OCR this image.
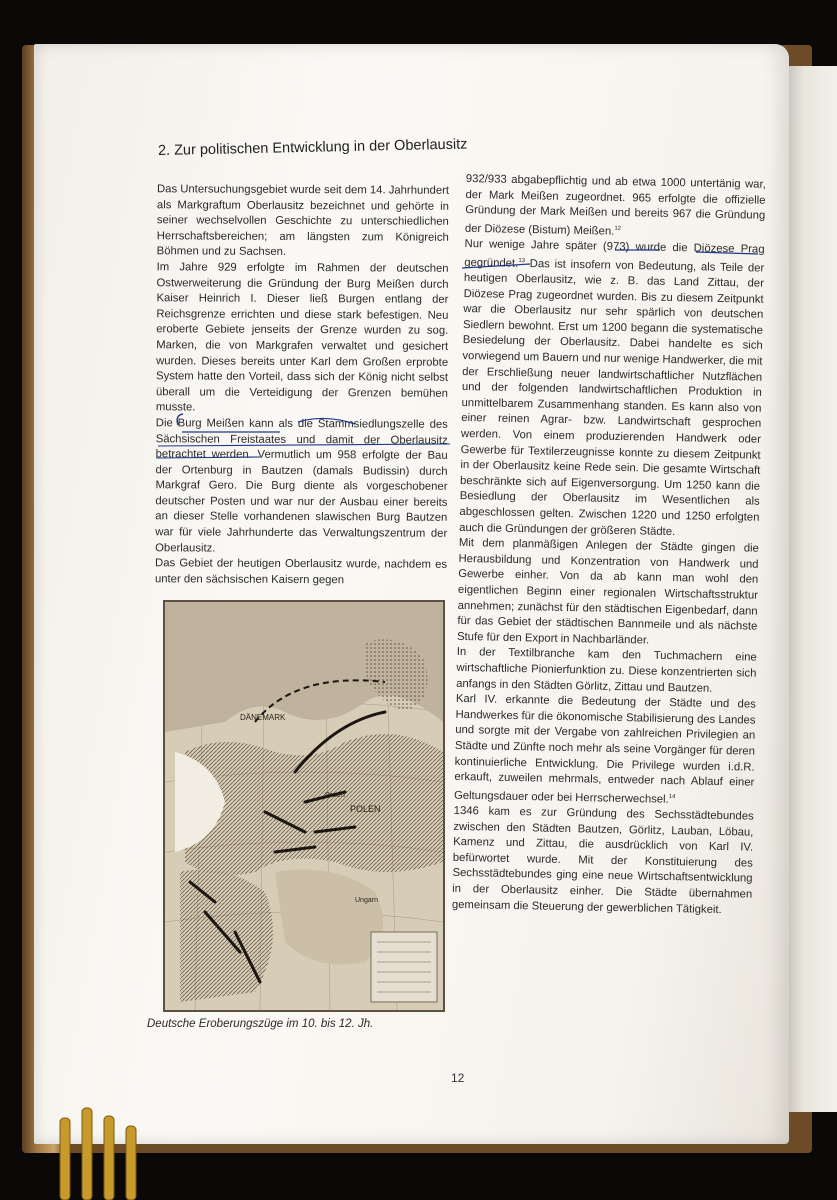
2. Zur politischen Entwicklung in der Oberlausitz

Das Untersuchungsgebiet wurde seit dem 14. Jahrhundert als Markgraftum Oberlausitz bezeichnet und gehörte in seiner wechselvollen Geschichte zu unterschiedlichen Herrschaftsbereichen; am längsten zum Königreich Böhmen und zu Sachsen.

Im Jahre 929 erfolgte im Rahmen der deutschen Ostwerweiterung die Gründung der Burg Meißen durch Kaiser Heinrich I. Dieser ließ Burgen entlang der Reichsgrenze errichten und diese stark befestigen. Neu eroberte Gebiete jenseits der Grenze wurden zu sog. Marken, die von Markgrafen verwaltet und gesichert wurden. Dieses bereits unter Karl dem Großen erprobte System hatte den Vorteil, dass sich der König nicht selbst überall um die Verteidigung der Grenzen bemühen musste.

Die Burg Meißen kann als die Stammsiedlungszelle des Sächsischen Freistaates und damit der Oberlausitz betrachtet werden. Vermutlich um 958 erfolgte der Bau der Ortenburg in Bautzen (damals Budissin) durch Markgraf Gero. Die Burg diente als vorgeschobener deutscher Posten und war nur der Ausbau einer bereits an dieser Stelle vorhandenen slawischen Burg Bautzen war für viele Jahrhunderte das Verwaltungszentrum der Oberlausitz.

Das Gebiet der heutigen Oberlausitz wurde, nachdem es unter den sächsischen Kaisern gegen

932/933 abgabepflichtig und ab etwa 1000 untertänig war, der Mark Meißen zugeordnet. 965 erfolgte die offizielle Gründung der Mark Meißen und bereits 967 die Gründung der Diözese (Bistum) Meißen.$^{12}$

Nur wenige Jahre später (973) wurde die Diözese Prag gegründet.$^{13}$ Das ist insofern von Bedeutung, als Teile der heutigen Oberlausitz, wie z. B. das Land Zittau, der Diözese Prag zugeordnet wurden. Bis zu diesem Zeitpunkt war die Oberlausitz nur sehr spärlich von deutschen Siedlern bewohnt. Erst um 1200 begann die systematische Besiedelung der Oberlausitz. Dabei handelte es sich vorwiegend um Bauern und nur wenige Handwerker, die mit der Erschließung neuer landwirtschaftlicher Nutzflächen und der folgenden landwirtschaftlichen Produktion in unmittelbarem Zusammenhang standen. Es kann also von einer reinen Agrar- bzw. Landwirtschaft gesprochen werden. Von einem produzierenden Handwerk oder Gewerbe für Textilerzeugnisse konnte zu diesem Zeitpunkt in der Oberlausitz keine Rede sein. Die gesamte Wirtschaft beschränkte sich auf Eigenversorgung. Um 1250 kann die Besiedlung der Oberlausitz im Wesentlichen als abgeschlossen gelten. Zwischen 1220 und 1250 erfolgten auch die Gründungen der größeren Städte.

Mit dem planmäßigen Anlegen der Städte gingen die Herausbildung und Konzentration von Handwerk und Gewerbe einher. Von da ab kann man wohl den eigentlichen Beginn einer regionalen Wirtschaftsstruktur annehmen; zunächst für den städtischen Eigenbedarf, dann für das Gebiet der städtischen Bannmeile und als nächste Stufe für den Export in Nachbarländer.

In der Textilbranche kam den Tuchmachern eine wirtschaftliche Pionierfunktion zu. Diese konzentrierten sich anfangs in den Städten Görlitz, Zittau und Bautzen.

Karl IV. erkannte die Bedeutung der Städte und des Handwerkes für die ökonomische Stabilisierung des Landes und sorgte mit der Vergabe von zahlreichen Privilegien an Städte und Zünfte noch mehr als seine Vorgänger für deren kontinuierliche Entwicklung. Die Privilege wurden i.d.R. erkauft, zuweilen mehrmals, entweder nach Ablauf einer Geltungsdauer oder bei Herrscherwechsel.$^{14}$

1346 kam es zur Gründung des Sechsstädtebundes zwischen den Städten Bautzen, Görlitz, Lauban, Löbau, Kamenz und Zittau, die ausdrücklich von Karl IV. befürwortet wurde. Mit der Konstituierung des Sechsstädtebundes ging eine neue Wirtschaftsentwicklung in der Oberlausitz einher. Die Städte übernahmen gemeinsam die Steuerung der gewerblichen Tätigkeit.

DÄNEMARK
POLEN
Posen
Ungarn
Deutsche Eroberungszüge im 10. bis 12. Jh.
12
